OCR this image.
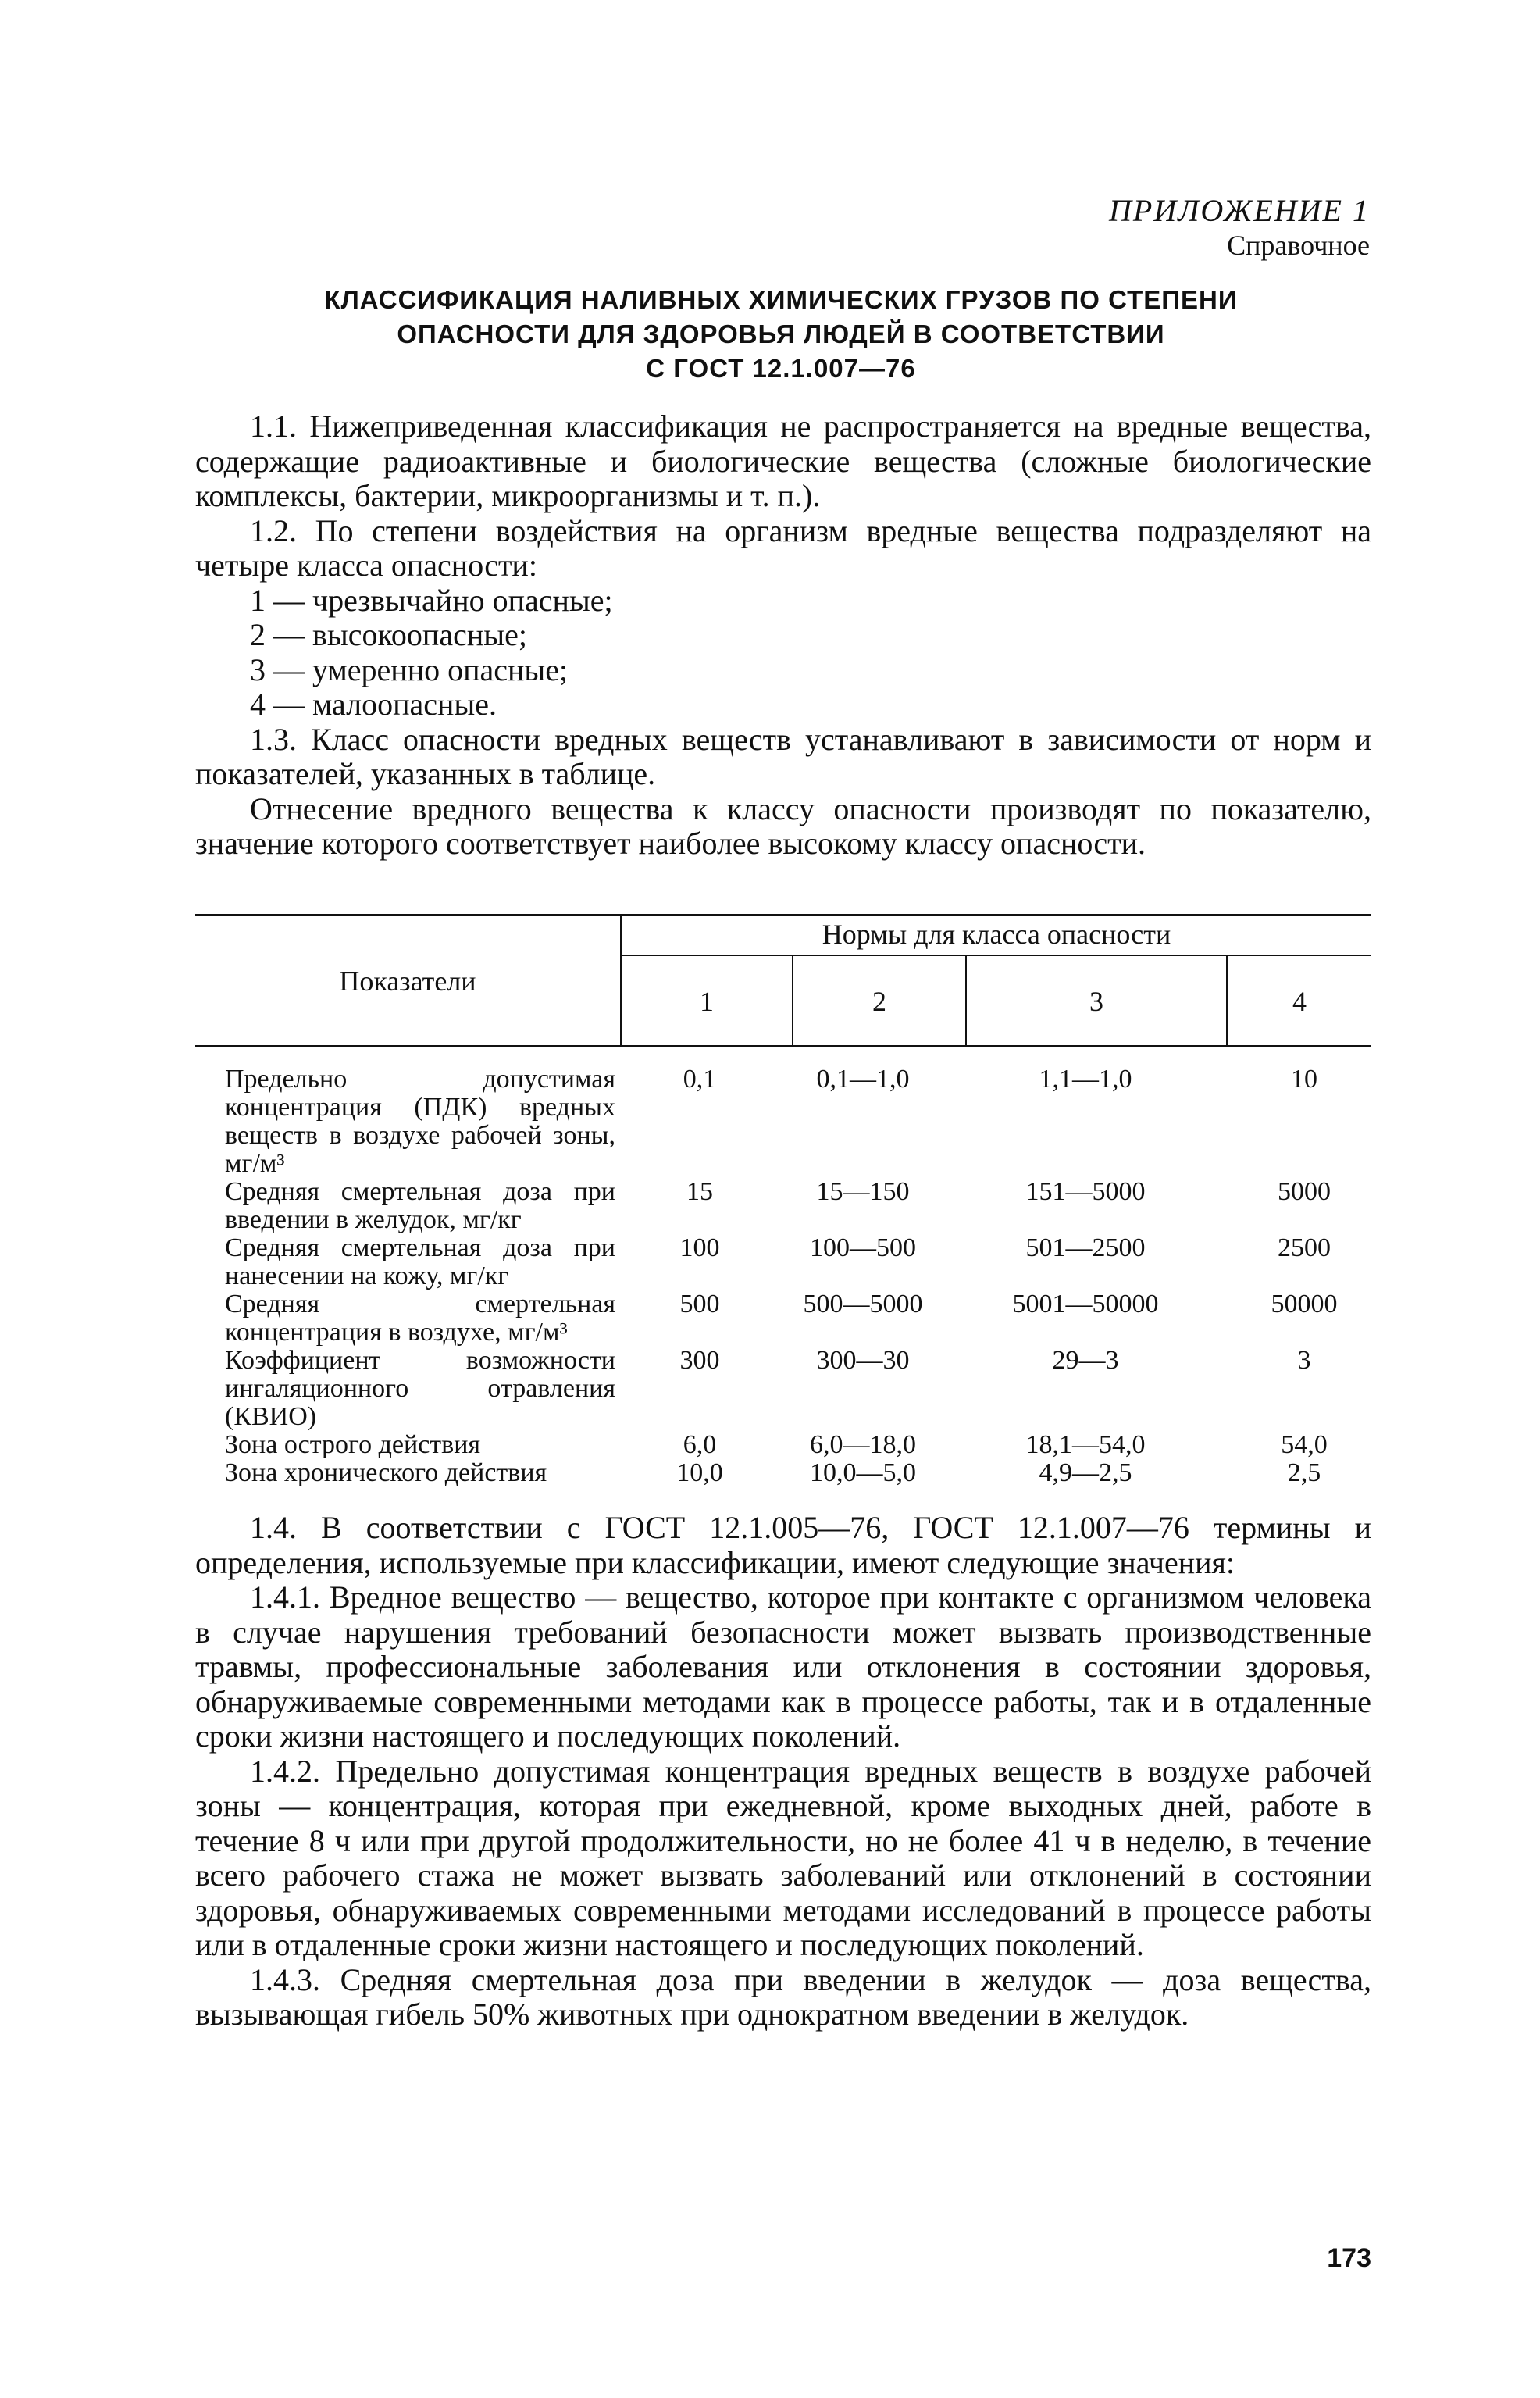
ПРИЛОЖЕНИЕ 1
Справочное
КЛАССИФИКАЦИЯ НАЛИВНЫХ ХИМИЧЕСКИХ ГРУЗОВ ПО СТЕПЕНИ
ОПАСНОСТИ ДЛЯ ЗДОРОВЬЯ ЛЮДЕЙ В СООТВЕТСТВИИ
С ГОСТ 12.1.007—76

1.1. Нижеприведенная классификация не распространяется на вредные вещества, содержащие радиоактивные и биологические вещества (сложные биологические комплексы, бактерии, микроорганизмы и т. п.).

1.2. По степени воздействия на организм вредные вещества подразделяют на четыре класса опасности:

1 — чрезвычайно опасные;

2 — высокоопасные;

3 — умеренно опасные;

4 — малоопасные.

1.3. Класс опасности вредных веществ устанавливают в зависимости от норм и показателей, указанных в таблице.

Отнесение вредного вещества к классу опасности производят по показателю, значение которого соответствует наиболее высокому классу опасности.

Показатели
Нормы для класса опасности
1	2	3	4
Предельно допустимая концентрация (ПДК) вредных веществ в воздухе рабочей зоны, мг/м³
0,1	0,1—1,0	1,1—1,0	10
Средняя смертельная доза при введении в желудок, мг/кг
15	15—150	151—5000	5000
Средняя смертельная доза при нанесении на кожу, мг/кг
100	100—500	501—2500	2500
Средняя смертельная концентрация в воздухе, мг/м³
500	500—5000	5001—50000	50000
Коэффициент возможности ингаляционного отравления (КВИО)
300	300—30	29—3	3
Зона острого действия	6,0	6,0—18,0	18,1—54,0	54,0
Зона хронического действия	10,0	10,0—5,0	4,9—2,5	2,5

1.4. В соответствии с ГОСТ 12.1.005—76, ГОСТ 12.1.007—76 термины и определения, используемые при классификации, имеют следующие значения:

1.4.1. Вредное вещество — вещество, которое при контакте с организмом человека в случае нарушения требований безопасности может вызвать производственные травмы, профессиональные заболевания или отклонения в состоянии здоровья, обнаруживаемые современными методами как в процессе работы, так и в отдаленные сроки жизни настоящего и последующих поколений.

1.4.2. Предельно допустимая концентрация вредных веществ в воздухе рабочей зоны — концентрация, которая при ежедневной, кроме выходных дней, работе в течение 8 ч или при другой продолжительности, но не более 41 ч в неделю, в течение всего рабочего стажа не может вызвать заболеваний или отклонений в состоянии здоровья, обнаруживаемых современными методами исследований в процессе работы или в отдаленные сроки жизни настоящего и последующих поколений.

1.4.3. Средняя смертельная доза при введении в желудок — доза вещества, вызывающая гибель 50% животных при однократном введении в желудок.

173
